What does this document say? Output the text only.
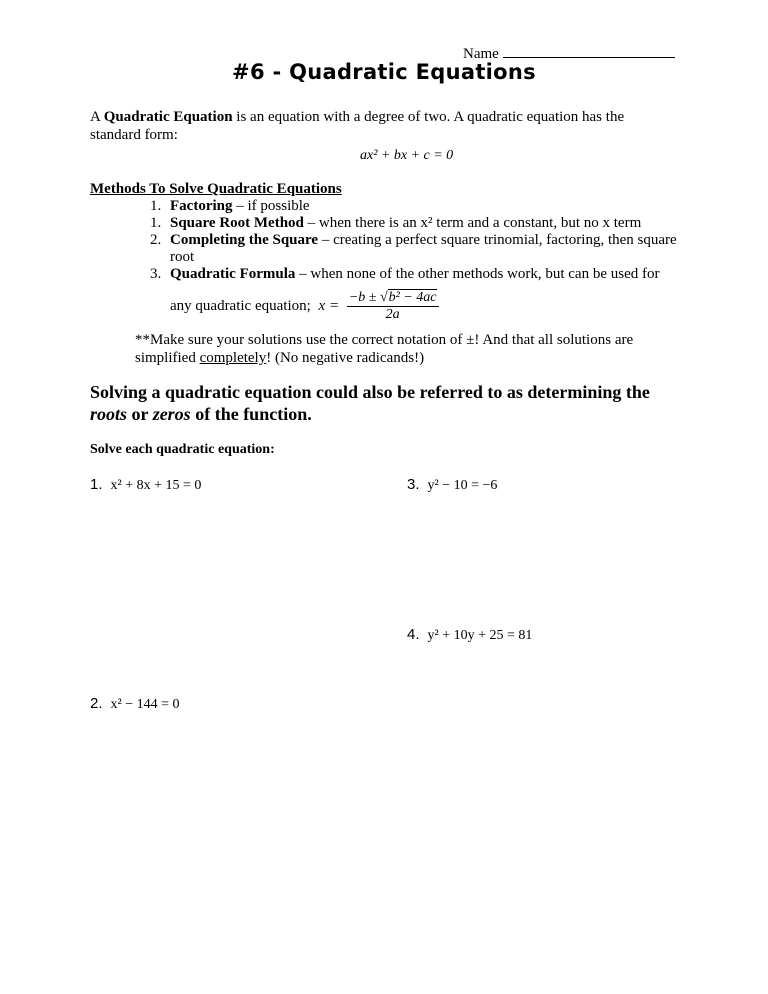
Name
#6 - Quadratic Equations
A Quadratic Equation is an equation with a degree of two. A quadratic equation has the standard form:
ax² + bx + c = 0
Methods To Solve Quadratic Equations
1. Factoring – if possible
1. Square Root Method – when there is an x² term and a constant, but no x term
2. Completing the Square – creating a perfect square trinomial, factoring, then square root
3. Quadratic Formula – when none of the other methods work, but can be used for
any quadratic equation; $x = \frac{\text{−b ± √b² − 4ac}}{2a}$
**Make sure your solutions use the correct notation of ±! And that all solutions are simplified completely! (No negative radicands!)
Solving a quadratic equation could also be referred to as determining the roots or zeros of the function.
Solve each quadratic equation:
1. x² + 8x + 15 = 0
2. x² − 144 = 0
3. y² − 10 = −6
4. y² + 10y + 25 = 81
